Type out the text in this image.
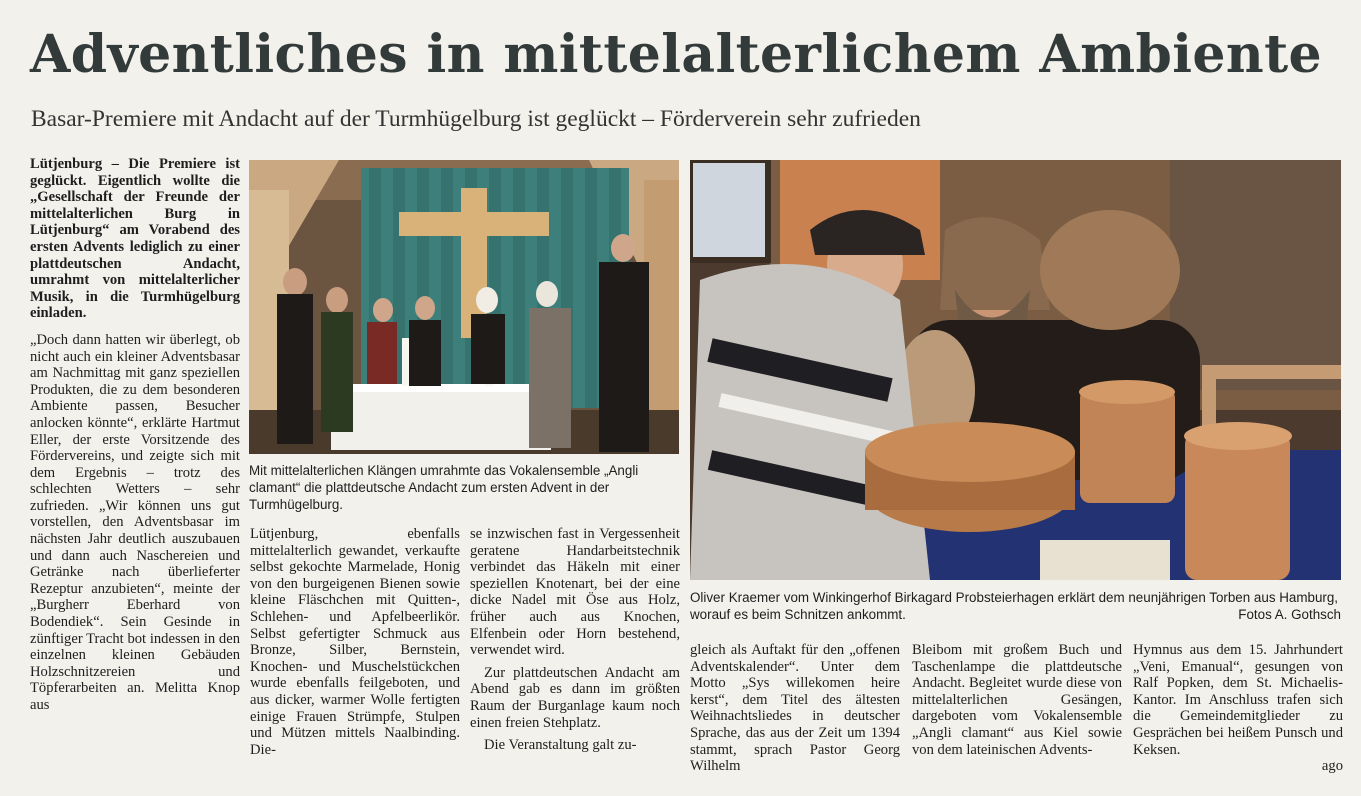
Adventliches in mittelalterlichem Ambiente
Basar-Premiere mit Andacht auf der Turmhügelburg ist geglückt – Förderverein sehr zufrieden

Lütjenburg – Die Premiere ist geglückt. Eigentlich wollte die „Gesellschaft der Freunde der mittelalterlichen Burg in Lütjenburg“ am Vorabend des ersten Advents lediglich zu einer plattdeutschen Andacht, umrahmt von mittelalterlicher Musik, in die Turmhügelburg einladen.

„Doch dann hatten wir überlegt, ob nicht auch ein kleiner Adventsbasar am Nachmittag mit ganz speziellen Produkten, die zu dem besonderen Ambiente passen, Besucher anlocken könnte“, erklärte Hartmut Eller, der erste Vorsitzende des Fördervereins, und zeigte sich mit dem Ergebnis – trotz des schlechten Wetters – sehr zufrieden. „Wir können uns gut vorstellen, den Adventsbasar im nächsten Jahr deutlich auszubauen und dann auch Naschereien und Getränke nach überlieferter Rezeptur anzubieten“, meinte der „Burgherr Eberhard von Bodendiek“. Sein Gesinde in zünftiger Tracht bot indessen in den einzelnen kleinen Gebäuden Holzschnitzereien und Töpferarbeiten an. Melitta Knop aus

Mit mittelalterlichen Klängen umrahmte das Vokalensemble „Angli clamant“ die plattdeutsche Andacht zum ersten Advent in der Turmhügelburg.
Oliver Kraemer vom Winkingerhof Birkagard Probsteierhagen erklärt dem neunjährigen Torben aus Hamburg, worauf es beim Schnitzen ankommt.	Fotos A. Gothsch

Lütjenburg, ebenfalls mittelalterlich gewandet, verkaufte selbst gekochte Marmelade, Honig von den burgeigenen Bienen sowie kleine Fläschchen mit Quitten-, Schlehen- und Apfelbeerlikör. Selbst gefertigter Schmuck aus Bronze, Silber, Bernstein, Knochen- und Muschelstückchen wurde ebenfalls feilgeboten, und aus dicker, warmer Wolle fertigten einige Frauen Strümpfe, Stulpen und Mützen mittels Naalbinding. Die-

se inzwischen fast in Vergessenheit geratene Handarbeitstechnik verbindet das Häkeln mit einer speziellen Knotenart, bei der eine dicke Nadel mit Öse aus Holz, früher auch aus Knochen, Elfenbein oder Horn bestehend, verwendet wird.

Zur plattdeutschen Andacht am Abend gab es dann im größten Raum der Burganlage kaum noch einen freien Stehplatz.

Die Veranstaltung galt zu-

gleich als Auftakt für den „offenen Adventskalender“. Unter dem Motto „Sys willekomen heire kerst“, dem Titel des ältesten Weihnachtsliedes in deutscher Sprache, das aus der Zeit um 1394 stammt, sprach Pastor Georg Wilhelm

Bleibom mit großem Buch und Taschenlampe die plattdeutsche Andacht. Begleitet wurde diese von mittelalterlichen Gesängen, dargeboten vom Vokalensemble „Angli clamant“ aus Kiel sowie von dem lateinischen Advents-

Hymnus aus dem 15. Jahrhundert „Veni, Emanual“, gesungen von Ralf Popken, dem St. Michaelis-Kantor. Im Anschluss trafen sich die Gemeindemitglieder zu Gesprächen bei heißem Punsch und Keksen.

ago
